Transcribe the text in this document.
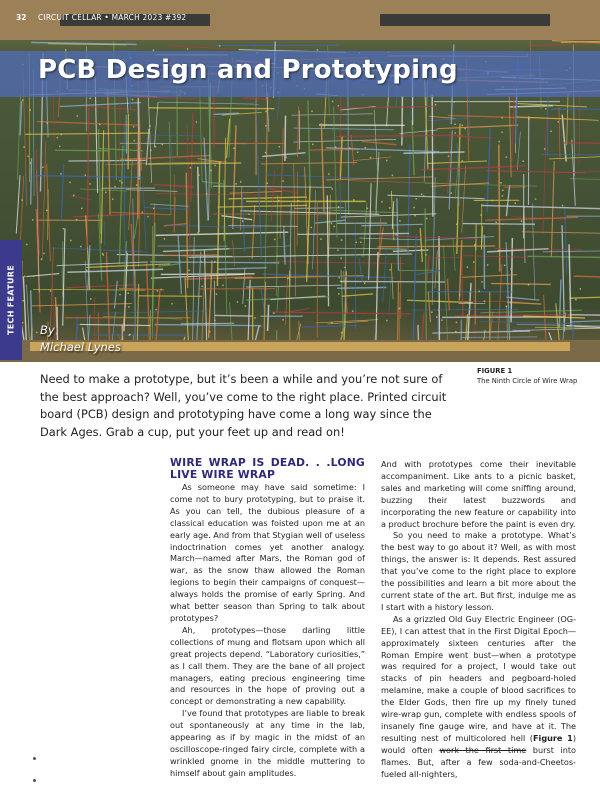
32 CIRCUIT CELLAR • MARCH 2023 #392
PCB Design and Prototyping
TECH FEATURE By
Michael Lynes
FIGURE 1
The Ninth Circle of Wire Wrap
Need to make a prototype, but it’s been a while and you’re not sure of the best approach? Well, you’ve come to the right place. Printed circuit board (PCB) design and prototyping have come a long way since the Dark Ages. Grab a cup, put your feet up and read on!
WIRE WRAP IS DEAD. . .LONG LIVE WIRE WRAP

As someone may have said sometime: I come not to bury prototyping, but to praise it. As you can tell, the dubious pleasure of a classical education was foisted upon me at an early age. And from that Stygian well of useless indoctrination comes yet another analogy. March—named after Mars, the Roman god of war, as the snow thaw allowed the Roman legions to begin their campaigns of conquest—always holds the promise of early Spring. And what better season than Spring to talk about prototypes?

Ah, prototypes—those darling little collections of mung and flotsam upon which all great projects depend. “Laboratory curiosities,” as I call them. They are the bane of all project managers, eating precious engineering time and resources in the hope of proving out a concept or demonstrating a new capability.

I’ve found that prototypes are liable to break out spontaneously at any time in the lab, appearing as if by magic in the midst of an oscilloscope-ringed fairy circle, complete with a wrinkled gnome in the middle muttering to himself about gain amplitudes.

And with prototypes come their inevitable accompaniment. Like ants to a picnic basket, sales and marketing will come sniffing around, buzzing their latest buzzwords and incorporating the new feature or capability into a product brochure before the paint is even dry.

So you need to make a prototype. What’s the best way to go about it? Well, as with most things, the answer is: It depends. Rest assured that you’ve come to the right place to explore the possibilities and learn a bit more about the current state of the art. But first, indulge me as I start with a history lesson.

As a grizzled Old Guy Electric Engineer (OG-EE), I can attest that in the First Digital Epoch—approximately sixteen centuries after the Roman Empire went bust—when a prototype was required for a project, I would take out stacks of pin headers and pegboard-holed melamine, make a couple of blood sacrifices to the Elder Gods, then fire up my finely tuned wire-wrap gun, complete with endless spools of insanely fine gauge wire, and have at it. The resulting nest of multicolored hell (Figure 1) would often work the first time burst into flames. But, after a few soda-and-Cheetos-fueled all-nighters,
